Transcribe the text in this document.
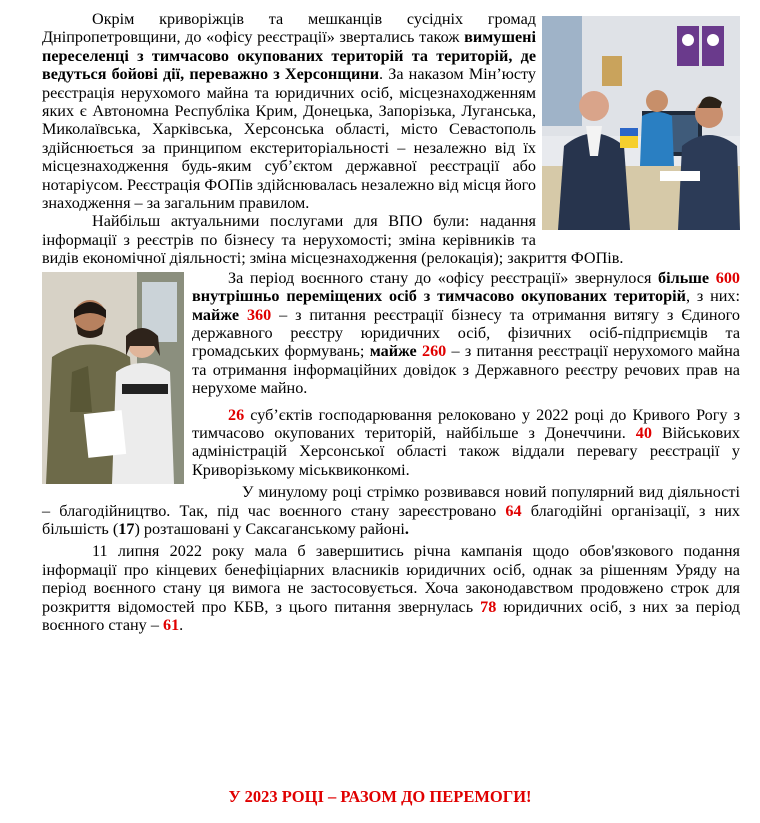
Окрім криворіжців та мешканців сусідніх громад Дніпропетровщини, до «офісу реєстрації» звертались також вимушені переселенці з тимчасово окупованих територій та територій, де ведуться бойові дії, переважно з Херсонщини. За наказом Мін’юсту реєстрація нерухомого майна та юридичних осіб, місцезнаходженням яких є Автономна Республіка Крим, Донецька, Запорізька, Луганська, Миколаївська, Харківська, Херсонська області, місто Севастополь здійснюється за принципом екстериторіальності – незалежно від їх місцезнаходження будь-яким суб’єктом державної реєстрації або нотаріусом. Реєстрація ФОПів здійснювалась незалежно від місця його знаходження – за загальним правилом.

Найбільш актуальними послугами для ВПО були: надання інформації з реєстрів по бізнесу та нерухомості; зміна керівників та видів економічної діяльності; зміна місцезнаходження (релокація); закриття ФОПів.

За період воєнного стану до «офісу реєстрації» звернулося більше 600 внутрішньо переміщених осіб з тимчасово окупованих територій, з них: майже 360 – з питання реєстрації бізнесу та отримання витягу з Єдиного державного реєстру юридичних осіб, фізичних осіб-підприємців та громадських формувань; майже 260 – з питання реєстрації нерухомого майна та отримання інформаційних довідок з Державного реєстру речових прав на нерухоме майно.

26 суб’єктів господарювання релоковано у 2022 році до Кривого Рогу з тимчасово окупованих територій, найбільше з Донеччини. 40 Військових адміністрацій Херсонської області також віддали перевагу реєстрації у Криворізькому міськвиконкомі.

У минулому році стрімко розвивався новий популярний вид діяльності – благодійництво. Так, під час воєнного стану зареєстровано 64 благодійні організації, з них більшість (17) розташовані у Саксаганському районі.

11 липня 2022 року мала б завершитись річна кампанія щодо обов'язкового подання інформації про кінцевих бенефіціарних власників юридичних осіб, однак за рішенням Уряду на період воєнного стану ця вимога не застосовується. Хоча законодавством продовжено строк для розкриття відомостей про КБВ, з цього питання звернулась 78 юридичних осіб, з них за період воєнного стану – 61.

У 2023 РОЦІ – РАЗОМ ДО ПЕРЕМОГИ!
